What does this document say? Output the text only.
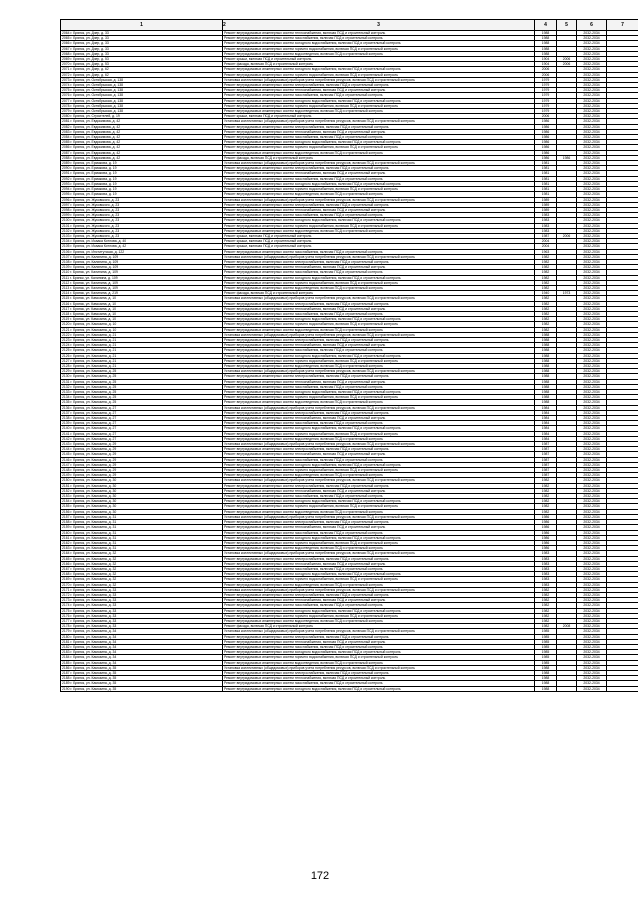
1		3	4	5	6	7
2064 г. Брянск, ул. Дзер, д. 33	Ремонт внутридомовых инженерных систем теплоснабжения, включая ПСД и строительный контроль	1988		2032-2034	
2065 г. Брянск, ул. Дзер, д. 33	Ремонт внутридомовых инженерных систем газоснабжения, включая ПСД и строительный контроль	1988		2032-2034	
2066 г. Брянск, ул. Дзер, д. 33	Ремонт внутридомовых инженерных систем холодного водоснабжения, включая ПСД и строительный контроль	1988		2032-2034	
2067 г. Брянск, ул. Дзер, д. 33	Ремонт внутридомовых инженерных систем горячего водоснабжения, включая ПСД и строительный контроль	1988		2032-2034	
2068 г. Брянск, ул. Дзер, д. 33	Ремонт внутридомовых инженерных систем водоотведения, включая ПСД и строительный контроль	1988		2032-2034	
2069 г. Брянск, ул. Дзер, д. 53	Ремонт крыши, включая ПСД и строительный контроль	1904	2006	2032-2034	
2070 г. Брянск, ул. Дзер, д. 53	Ремонт фасада, включая ПСД и строительный контроль	1904	2006	2032-2034	
2071 г. Брянск, ул. Дзер, д. 62	Ремонт внутридомовых инженерных систем холодного водоснабжения, включая ПСД и строительный контроль	2006		2032-2034	
2072 г. Брянск, ул. Дзер, д. 62	Ремонт внутридомовых инженерных систем горячего водоснабжения, включая ПСД и строительный контроль	2006		2032-2034	
2073 г. Брянск, ул. Октябрьская, д. 138	Установка коллективных (общедомовых) приборов учета потребления ресурсов, включая ПСД и строительный контроль	1979		2032-2034	
2074 г. Брянск, ул. Октябрьская, д. 138	Ремонт внутридомовых инженерных систем электроснабжения, включая ПСД и строительный контроль	1979		2032-2034	
2075 г. Брянск, ул. Октябрьская, д. 138	Ремонт внутридомовых инженерных систем теплоснабжения, включая ПСД и строительный контроль	1979		2032-2034	
2076 г. Брянск, ул. Октябрьская, д. 138	Ремонт внутридомовых инженерных систем газоснабжения, включая ПСД и строительный контроль	1979		2032-2034	
2077 г. Брянск, ул. Октябрьская, д. 138	Ремонт внутридомовых инженерных систем холодного водоснабжения, включая ПСД и строительный контроль	1979		2032-2034	
2078 г. Брянск, ул. Октябрьская, д. 138	Ремонт внутридомовых инженерных систем горячего водоснабжения, включая ПСД и строительный контроль	1979		2032-2034	
2079 г. Брянск, ул. Октябрьская, д. 138	Ремонт внутридомовых инженерных систем водоотведения, включая ПСД и строительный контроль	1979		2032-2034	
2080 г. Брянск, ул. Строителей, д. 19	Ремонт крыши, включая ПСД и строительный контроль	2006		2032-2034	
2081 г. Брянск, ул. Евдокимова, д. 42	Установка коллективных (общедомовых) приборов учета потребления ресурсов, включая ПСД и строительный контроль	1986		2032-2034	
2082 г. Брянск, ул. Евдокимова, д. 42	Ремонт внутридомовых инженерных систем электроснабжения, включая ПСД и строительный контроль	1986		2032-2034	
2083 г. Брянск, ул. Евдокимова, д. 42	Ремонт внутридомовых инженерных систем теплоснабжения, включая ПСД и строительный контроль	1986		2032-2034	
2084 г. Брянск, ул. Евдокимова, д. 42	Ремонт внутридомовых инженерных систем газоснабжения, включая ПСД и строительный контроль	1986		2032-2034	
2085 г. Брянск, ул. Евдокимова, д. 42	Ремонт внутридомовых инженерных систем холодного водоснабжения, включая ПСД и строительный контроль	1986		2032-2034	
2086 г. Брянск, ул. Евдокимова, д. 42	Ремонт внутридомовых инженерных систем горячего водоснабжения, включая ПСД и строительный контроль	1986		2032-2034	
2087 г. Брянск, ул. Евдокимова, д. 42	Ремонт внутридомовых инженерных систем водоотведения, включая ПСД и строительный контроль	1986		2032-2034	
2088 г. Брянск, ул. Евдокимова, д. 42	Ремонт фасада, включая ПСД и строительный контроль	1986	1986	2032-2034	
2089 г. Брянск, ул. Ермакова, д. 19	Установка коллективных (общедомовых) приборов учета потребления ресурсов, включая ПСД и строительный контроль	1981		2032-2034	
2090 г. Брянск, ул. Ермакова, д. 19	Ремонт внутридомовых инженерных систем электроснабжения, включая ПСД и строительный контроль	1981		2032-2034	
2091 г. Брянск, ул. Ермакова, д. 19	Ремонт внутридомовых инженерных систем теплоснабжения, включая ПСД и строительный контроль	1981		2032-2034	
2092 г. Брянск, ул. Ермакова, д. 19	Ремонт внутридомовых инженерных систем газоснабжения, включая ПСД и строительный контроль	1981		2032-2034	
2093 г. Брянск, ул. Ермакова, д. 19	Ремонт внутридомовых инженерных систем холодного водоснабжения, включая ПСД и строительный контроль	1981		2032-2034	
2094 г. Брянск, ул. Ермакова, д. 19	Ремонт внутридомовых инженерных систем горячего водоснабжения, включая ПСД и строительный контроль	1981		2032-2034	
2095 г. Брянск, ул. Ермакова, д. 19	Ремонт внутридомовых инженерных систем водоотведения, включая ПСД и строительный контроль	1981		2032-2034	
2096 г. Брянск, ул. Жуковского, д. 23	Установка коллективных (общедомовых) приборов учета потребления ресурсов, включая ПСД и строительный контроль	1989		2032-2034	
2097 г. Брянск, ул. Жуковского, д. 23	Ремонт внутридомовых инженерных систем электроснабжения, включая ПСД и строительный контроль	1989		2032-2034	
2098 г. Брянск, ул. Жуковского, д. 23	Ремонт внутридомовых инженерных систем теплоснабжения, включая ПСД и строительный контроль	1989		2032-2034	
2099 г. Брянск, ул. Жуковского, д. 23	Ремонт внутридомовых инженерных систем газоснабжения, включая ПСД и строительный контроль	1983		2032-2034	
2100 г. Брянск, ул. Жуковского, д. 23	Ремонт внутридомовых инженерных систем холодного водоснабжения, включая ПСД и строительный контроль	1983		2032-2034	
2101 г. Брянск, ул. Жуковского, д. 23	Ремонт внутридомовых инженерных систем горячего водоснабжения, включая ПСД и строительный контроль	1983		2032-2034	
2102 г. Брянск, ул. Жуковского, д. 23	Ремонт внутридомовых инженерных систем водоотведения, включая ПСД и строительный контроль	1983		2032-2034	
2103 г. Брянск, ул. Жуковского, д. 23	Ремонт крыши, включая ПСД и строительный контроль	1987	2006	2032-2034	
2104 г. Брянск, ул. Исаака Котлова, д. 40	Ремонт крыши, включая ПСД и строительный контроль	2004		2032-2034	
2105 г. Брянск, ул. Исаака Котлова, д. 42	Ремонт крыши, включая ПСД и строительный контроль	2004		2032-2034	
2106 г. Брянск, ул. Институтская, д. 122	Ремонт внутридомовых инженерных систем газоснабжения, включая ПСД и строительный контроль	1963		2032-2034	
2107 г. Брянск, ул. Калинина, д. 109	Установка коллективных (общедомовых) приборов учета потребления ресурсов, включая ПСД и строительный контроль	1982		2032-2034	
2108 г. Брянск, ул. Калинина, д. 109	Ремонт внутридомовых инженерных систем электроснабжения, включая ПСД и строительный контроль	1982		2032-2034	
2109 г. Брянск, ул. Калинина, д. 109	Ремонт внутридомовых инженерных систем теплоснабжения, включая ПСД и строительный контроль	1982		2032-2034	
2110 г. Брянск, ул. Калинина, д. 109	Ремонт внутридомовых инженерных систем газоснабжения, включая ПСД и строительный контроль	1982		2032-2034	
2111 г. Брянск, ул. Калинина, д. 109	Ремонт внутридомовых инженерных систем холодного водоснабжения, включая ПСД и строительный контроль	1982		2032-2034	
2112 г. Брянск, ул. Калинина, д. 109	Ремонт внутридомовых инженерных систем горячего водоснабжения, включая ПСД и строительный контроль	1982		2032-2034	
2113 г. Брянск, ул. Калинина, д. 109	Ремонт внутридомовых инженерных систем водоотведения, включая ПСД и строительный контроль	1982		2032-2034	
2114 г. Брянск, ул. Калинина, д. 219	Ремонт фасада, включая ПСД и строительный контроль	1940	1973	2032-2034	
2115 г. Брянск, ул. Камозина, д. 10	Установка коллективных (общедомовых) приборов учета потребления ресурсов, включая ПСД и строительный контроль	1982		2032-2034	
2116 г. Брянск, ул. Камозина, д. 10	Ремонт внутридомовых инженерных систем электроснабжения, включая ПСД и строительный контроль	1982		2032-2034	
2117 г. Брянск, ул. Камозина, д. 10	Ремонт внутридомовых инженерных систем теплоснабжения, включая ПСД и строительный контроль	1982		2032-2034	
2118 г. Брянск, ул. Камозина, д. 10	Ремонт внутридомовых инженерных систем газоснабжения, включая ПСД и строительный контроль	1982		2032-2034	
2119 г. Брянск, ул. Камозина, д. 10	Ремонт внутридомовых инженерных систем холодного водоснабжения, включая ПСД и строительный контроль	1982		2032-2034	
2120 г. Брянск, ул. Камозина, д. 10	Ремонт внутридомовых инженерных систем горячего водоснабжения, включая ПСД и строительный контроль	1982		2032-2034	
2121 г. Брянск, ул. Камозина, д. 10	Ремонт внутридомовых инженерных систем водоотведения, включая ПСД и строительный контроль	1982		2032-2034	
2122 г. Брянск, ул. Камозина, д. 21	Установка коллективных (общедомовых) приборов учета потребления ресурсов, включая ПСД и строительный контроль	1988		2032-2034	
2123 г. Брянск, ул. Камозина, д. 21	Ремонт внутридомовых инженерных систем электроснабжения, включая ПСД и строительный контроль	1988		2032-2034	
2124 г. Брянск, ул. Камозина, д. 21	Ремонт внутридомовых инженерных систем теплоснабжения, включая ПСД и строительный контроль	1988		2032-2034	
2125 г. Брянск, ул. Камозина, д. 21	Ремонт внутридомовых инженерных систем газоснабжения, включая ПСД и строительный контроль	1988		2032-2034	
2126 г. Брянск, ул. Камозина, д. 21	Ремонт внутридомовых инженерных систем холодного водоснабжения, включая ПСД и строительный контроль	1988		2032-2034	
2127 г. Брянск, ул. Камозина, д. 21	Ремонт внутридомовых инженерных систем горячего водоснабжения, включая ПСД и строительный контроль	1988		2032-2034	
2128 г. Брянск, ул. Камозина, д. 21	Ремонт внутридомовых инженерных систем водоотведения, включая ПСД и строительный контроль	1988		2032-2034	
2129 г. Брянск, ул. Камозина, д. 25	Установка коллективных (общедомовых) приборов учета потребления ресурсов, включая ПСД и строительный контроль	1988		2032-2034	
2130 г. Брянск, ул. Камозина, д. 25	Ремонт внутридомовых инженерных систем электроснабжения, включая ПСД и строительный контроль	1988		2032-2034	
2131 г. Брянск, ул. Камозина, д. 25	Ремонт внутридомовых инженерных систем теплоснабжения, включая ПСД и строительный контроль	1988		2032-2034	
2132 г. Брянск, ул. Камозина, д. 25	Ремонт внутридомовых инженерных систем газоснабжения, включая ПСД и строительный контроль	1988		2032-2034	
2133 г. Брянск, ул. Камозина, д. 25	Ремонт внутридомовых инженерных систем холодного водоснабжения, включая ПСД и строительный контроль	1988		2032-2034	
2134 г. Брянск, ул. Камозина, д. 25	Ремонт внутридомовых инженерных систем горячего водоснабжения, включая ПСД и строительный контроль	1988		2032-2034	
2135 г. Брянск, ул. Камозина, д. 25	Ремонт внутридомовых инженерных систем водоотведения, включая ПСД и строительный контроль	1988		2032-2034	
2136 г. Брянск, ул. Камозина, д. 27	Установка коллективных (общедомовых) приборов учета потребления ресурсов, включая ПСД и строительный контроль	1984		2032-2034	
2137 г. Брянск, ул. Камозина, д. 27	Ремонт внутридомовых инженерных систем электроснабжения, включая ПСД и строительный контроль	1984		2032-2034	
2138 г. Брянск, ул. Камозина, д. 27	Ремонт внутридомовых инженерных систем теплоснабжения, включая ПСД и строительный контроль	1984		2032-2034	
2139 г. Брянск, ул. Камозина, д. 27	Ремонт внутридомовых инженерных систем газоснабжения, включая ПСД и строительный контроль	1984		2032-2034	
2140 г. Брянск, ул. Камозина, д. 27	Ремонт внутридомовых инженерных систем холодного водоснабжения, включая ПСД и строительный контроль	1984		2032-2034	
2141 г. Брянск, ул. Камозина, д. 27	Ремонт внутридомовых инженерных систем горячего водоснабжения, включая ПСД и строительный контроль	1984		2032-2034	
2142 г. Брянск, ул. Камозина, д. 27	Ремонт внутридомовых инженерных систем водоотведения, включая ПСД и строительный контроль	1984		2032-2034	
2143 г. Брянск, ул. Камозина, д. 29	Установка коллективных (общедомовых) приборов учета потребления ресурсов, включая ПСД и строительный контроль	1987		2032-2034	
2144 г. Брянск, ул. Камозина, д. 29	Ремонт внутридомовых инженерных систем электроснабжения, включая ПСД и строительный контроль	1987		2032-2034	
2145 г. Брянск, ул. Камозина, д. 29	Ремонт внутридомовых инженерных систем теплоснабжения, включая ПСД и строительный контроль	1987		2032-2034	
2146 г. Брянск, ул. Камозина, д. 29	Ремонт внутридомовых инженерных систем газоснабжения, включая ПСД и строительный контроль	1987		2032-2034	
2147 г. Брянск, ул. Камозина, д. 29	Ремонт внутридомовых инженерных систем холодного водоснабжения, включая ПСД и строительный контроль	1987		2032-2034	
2148 г. Брянск, ул. Камозина, д. 29	Ремонт внутридомовых инженерных систем горячего водоснабжения, включая ПСД и строительный контроль	1987		2032-2034	
2149 г. Брянск, ул. Камозина, д. 29	Ремонт внутридомовых инженерных систем водоотведения, включая ПСД и строительный контроль	1987		2032-2034	
2150 г. Брянск, ул. Камозина, д. 30	Установка коллективных (общедомовых) приборов учета потребления ресурсов, включая ПСД и строительный контроль	1982		2032-2034	
2151 г. Брянск, ул. Камозина, д. 30	Ремонт внутридомовых инженерных систем электроснабжения, включая ПСД и строительный контроль	1982		2032-2034	
2152 г. Брянск, ул. Камозина, д. 30	Ремонт внутридомовых инженерных систем теплоснабжения, включая ПСД и строительный контроль	1982		2032-2034	
2153 г. Брянск, ул. Камозина, д. 30	Ремонт внутридомовых инженерных систем газоснабжения, включая ПСД и строительный контроль	1982		2032-2034	
2154 г. Брянск, ул. Камозина, д. 30	Ремонт внутридомовых инженерных систем холодного водоснабжения, включая ПСД и строительный контроль	1982		2032-2034	
2155 г. Брянск, ул. Камозина, д. 30	Ремонт внутридомовых инженерных систем горячего водоснабжения, включая ПСД и строительный контроль	1982		2032-2034	
2156 г. Брянск, ул. Камозина, д. 30	Ремонт внутридомовых инженерных систем водоотведения, включая ПСД и строительный контроль	1982		2032-2034	
2157 г. Брянск, ул. Камозина, д. 31	Установка коллективных (общедомовых) приборов учета потребления ресурсов, включая ПСД и строительный контроль	1986		2032-2034	
2158 г. Брянск, ул. Камозина, д. 31	Ремонт внутридомовых инженерных систем электроснабжения, включая ПСД и строительный контроль	1986		2032-2034	
2159 г. Брянск, ул. Камозина, д. 31	Ремонт внутридомовых инженерных систем теплоснабжения, включая ПСД и строительный контроль	1986		2032-2034	
2160 г. Брянск, ул. Камозина, д. 31	Ремонт внутридомовых инженерных систем газоснабжения, включая ПСД и строительный контроль	1986		2032-2034	
2161 г. Брянск, ул. Камозина, д. 31	Ремонт внутридомовых инженерных систем холодного водоснабжения, включая ПСД и строительный контроль	1986		2032-2034	
2162 г. Брянск, ул. Камозина, д. 31	Ремонт внутридомовых инженерных систем горячего водоснабжения, включая ПСД и строительный контроль	1986		2032-2034	
2163 г. Брянск, ул. Камозина, д. 31	Ремонт внутридомовых инженерных систем водоотведения, включая ПСД и строительный контроль	1986		2032-2034	
2164 г. Брянск, ул. Камозина, д. 32	Установка коллективных (общедомовых) приборов учета потребления ресурсов, включая ПСД и строительный контроль	1983		2032-2034	
2165 г. Брянск, ул. Камозина, д. 32	Ремонт внутридомовых инженерных систем электроснабжения, включая ПСД и строительный контроль	1983		2032-2034	
2166 г. Брянск, ул. Камозина, д. 32	Ремонт внутридомовых инженерных систем теплоснабжения, включая ПСД и строительный контроль	1983		2032-2034	
2167 г. Брянск, ул. Камозина, д. 32	Ремонт внутридомовых инженерных систем газоснабжения, включая ПСД и строительный контроль	1983		2032-2034	
2168 г. Брянск, ул. Камозина, д. 32	Ремонт внутридомовых инженерных систем холодного водоснабжения, включая ПСД и строительный контроль	1983		2032-2034	
2169 г. Брянск, ул. Камозина, д. 32	Ремонт внутридомовых инженерных систем горячего водоснабжения, включая ПСД и строительный контроль	1983		2032-2034	
2170 г. Брянск, ул. Камозина, д. 32	Ремонт внутридомовых инженерных систем водоотведения, включая ПСД и строительный контроль	1983		2032-2034	
2171 г. Брянск, ул. Камозина, д. 33	Установка коллективных (общедомовых) приборов учета потребления ресурсов, включая ПСД и строительный контроль	1982		2032-2034	
2172 г. Брянск, ул. Камозина, д. 33	Ремонт внутридомовых инженерных систем электроснабжения, включая ПСД и строительный контроль	1982		2032-2034	
2173 г. Брянск, ул. Камозина, д. 33	Ремонт внутридомовых инженерных систем теплоснабжения, включая ПСД и строительный контроль	1982		2032-2034	
2174 г. Брянск, ул. Камозина, д. 33	Ремонт внутридомовых инженерных систем газоснабжения, включая ПСД и строительный контроль	1982		2032-2034	
2175 г. Брянск, ул. Камозина, д. 33	Ремонт внутридомовых инженерных систем холодного водоснабжения, включая ПСД и строительный контроль	1982		2032-2034	
2176 г. Брянск, ул. Камозина, д. 33	Ремонт внутридомовых инженерных систем горячего водоснабжения, включая ПСД и строительный контроль	1982		2032-2034	
2177 г. Брянск, ул. Камозина, д. 33	Ремонт внутридомовых инженерных систем водоотведения, включая ПСД и строительный контроль	1982		2032-2034	
2178 г. Брянск, ул. Камозина, д. 33	Ремонт фасада, включая ПСД и строительный контроль	1982	2008	2032-2034	
2179 г. Брянск, ул. Камозина, д. 34	Установка коллективных (общедомовых) приборов учета потребления ресурсов, включая ПСД и строительный контроль	1985		2032-2034	
2180 г. Брянск, ул. Камозина, д. 34	Ремонт внутридомовых инженерных систем электроснабжения, включая ПСД и строительный контроль	1985		2032-2034	
2181 г. Брянск, ул. Камозина, д. 34	Ремонт внутридомовых инженерных систем теплоснабжения, включая ПСД и строительный контроль	1985		2032-2034	
2182 г. Брянск, ул. Камозина, д. 34	Ремонт внутридомовых инженерных систем газоснабжения, включая ПСД и строительный контроль	1985		2032-2034	
2183 г. Брянск, ул. Камозина, д. 34	Ремонт внутридомовых инженерных систем холодного водоснабжения, включая ПСД и строительный контроль	1985		2032-2034	
2184 г. Брянск, ул. Камозина, д. 34	Ремонт внутридомовых инженерных систем горячего водоснабжения, включая ПСД и строительный контроль	1985		2032-2034	
2185 г. Брянск, ул. Камозина, д. 34	Ремонт внутридомовых инженерных систем водоотведения, включая ПСД и строительный контроль	1985		2032-2034	
2186 г. Брянск, ул. Камозина, д. 35	Установка коллективных (общедомовых) приборов учета потребления ресурсов, включая ПСД и строительный контроль	1988		2032-2034	
2187 г. Брянск, ул. Камозина, д. 35	Ремонт внутридомовых инженерных систем электроснабжения, включая ПСД и строительный контроль	1988		2032-2034	
2188 г. Брянск, ул. Камозина, д. 35	Ремонт внутридомовых инженерных систем теплоснабжения, включая ПСД и строительный контроль	1988		2032-2034	
2189 г. Брянск, ул. Камозина, д. 35	Ремонт внутридомовых инженерных систем газоснабжения, включая ПСД и строительный контроль	1988		2032-2034	
2190 г. Брянск, ул. Камозина, д. 35	Ремонт внутридомовых инженерных систем холодного водоснабжения, включая ПСД и строительный контроль	1988		2032-2034	
172
